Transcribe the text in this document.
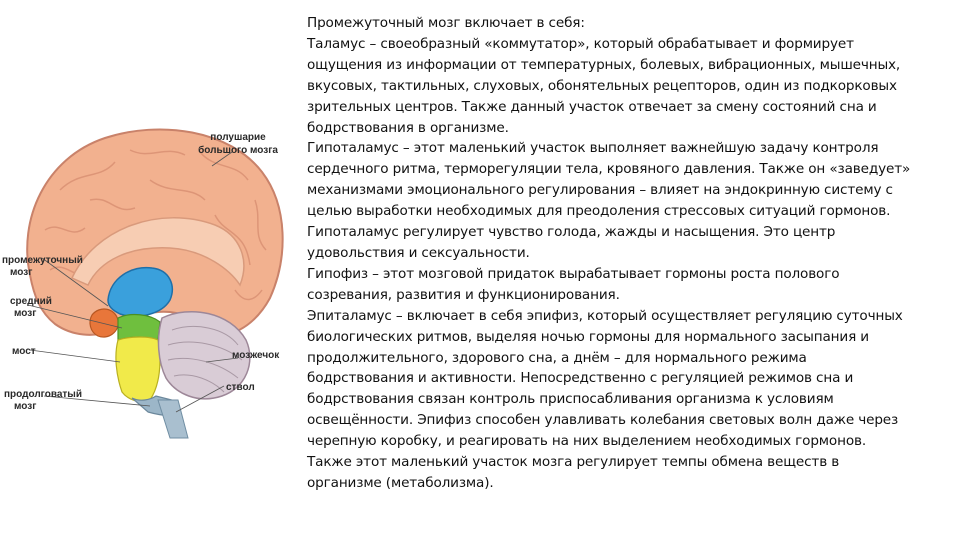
полушарие
большого мозга
промежуточный
мозг
средний
мозг
мост
продолговатый
мозг
мозжечок
ствол

Промежуточный мозг включает в себя:

Таламус – своеобразный «коммутатор», который обрабатывает и формирует

ощущения из информации от температурных, болевых, вибрационных, мышечных,

вкусовых, тактильных, слуховых, обонятельных рецепторов, один из подкорковых

зрительных центров. Также данный участок отвечает за смену состояний сна и

бодрствования в организме.

Гипоталамус – этот маленький участок выполняет важнейшую задачу контроля

сердечного ритма, терморегуляции тела, кровяного давления. Также он «заведует»

механизмами эмоционального регулирования – влияет на эндокринную систему с

целью выработки необходимых для преодоления стрессовых ситуаций гормонов.

Гипоталамус регулирует чувство голода, жажды и насыщения. Это центр

удовольствия и сексуальности.

Гипофиз – этот мозговой придаток вырабатывает гормоны роста полового

созревания, развития и функционирования.

Эпиталамус – включает в себя эпифиз, который осуществляет регуляцию суточных

биологических ритмов, выделяя ночью гормоны для нормального засыпания и

продолжительного, здорового сна, а днём – для нормального режима

бодрствования и активности. Непосредственно с регуляцией режимов сна и

бодрствования связан контроль приспосабливания организма к условиям

освещённости. Эпифиз способен улавливать колебания световых волн даже через

черепную коробку, и реагировать на них выделением необходимых гормонов.

Также этот маленький участок мозга регулирует темпы обмена веществ в

организме (метаболизма).
